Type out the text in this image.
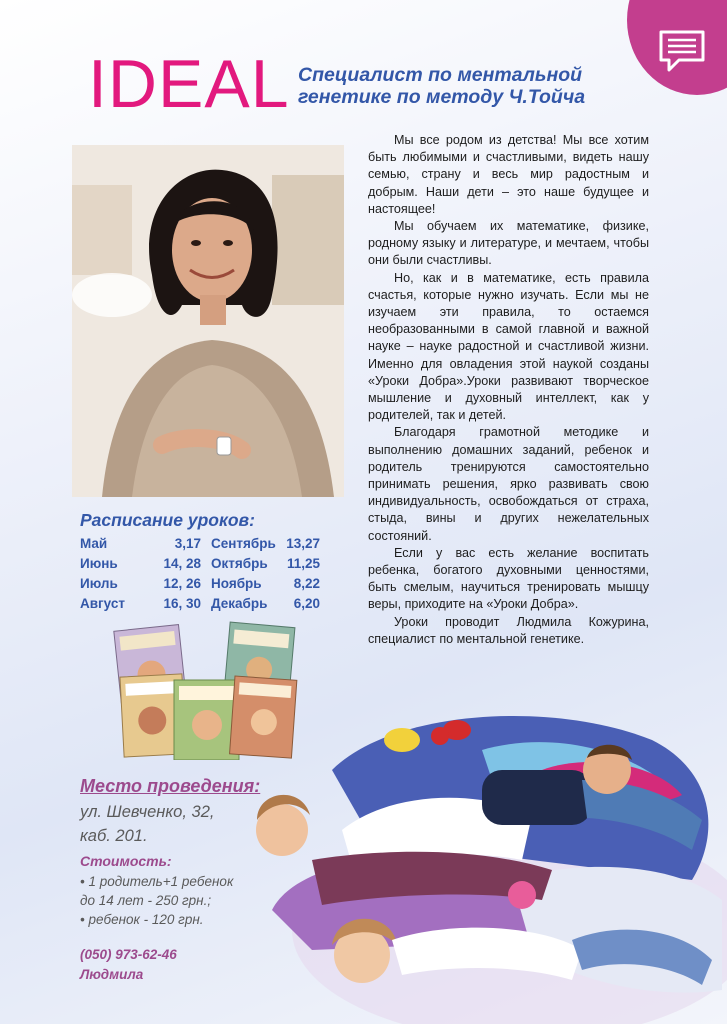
IDEAL Специалист по ментальной
генетике по методу Ч.Тойча

Мы все родом из детства! Мы все хотим быть любимыми и счастливыми, видеть нашу семью, страну и весь мир радостным и добрым. Наши дети – это наше будущее и настоящее!

Мы обучаем их математике, физике, родному языку и литературе, и мечтаем, чтобы они были счастливы.

Но, как и в математике, есть правила счастья, которые нужно изучать. Если мы не изучаем эти правила, то остаемся необразованными в самой главной и важной науке – науке радостной и счастливой жизни. Именно для овладения этой наукой созданы «Уроки Добра».Уроки развивают творческое мышление и духовный интеллект, как у родителей, так и детей.

Благодаря грамотной методике и выполнению домашних заданий, ребенок и родитель тренируются самостоятельно принимать решения, ярко развивать свою индивидуальность, освобождаться от страха, стыда, вины и других нежелательных состояний.

Если у вас есть желание воспитать ребенка, богатого духовными ценностями, быть смелым, научиться тренировать мышцу веры, приходите на «Уроки Добра».

Уроки проводит Людмила Кожурина, специалист по ментальной генетике.

Расписание уроков:
Май	3,17 Сентябрь 13,27
Июнь	14, 28 Октябрь	11,25
Июль	12, 26 Ноябрь	8,22
Август	16, 30 Декабрь	6,20
Место проведения:
ул. Шевченко, 32,
каб. 201.
Стоимость:
• 1 родитель+1 ребенок
до 14 лет - 250 грн.;
• ребенок - 120 грн.
(050) 973-62-46
Людмила
